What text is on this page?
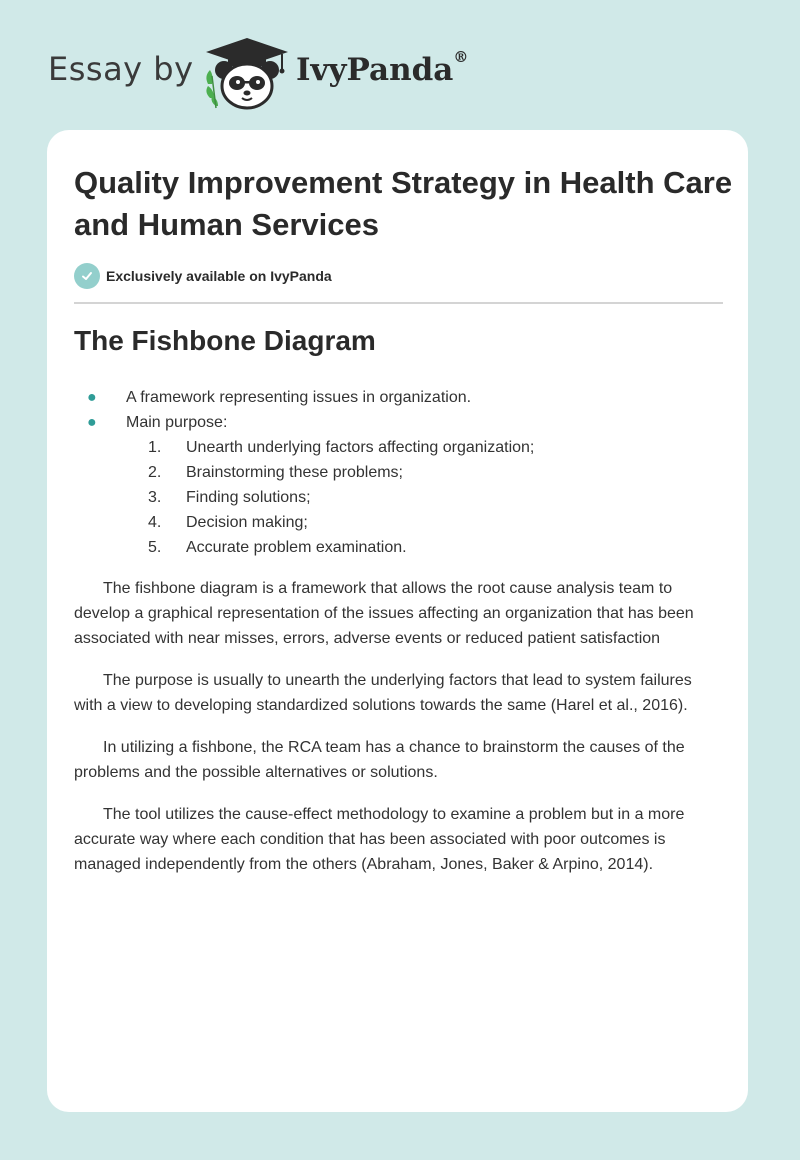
Essay by	IvyPanda®
Quality Improvement Strategy in Health Care and Human Services
Exclusively available on IvyPanda
The Fishbone Diagram
● A framework representing issues in organization.
● Main purpose:
1. Unearth underlying factors affecting organization;
2. Brainstorming these problems;
3. Finding solutions;
4. Decision making;
5. Accurate problem examination.

The fishbone diagram is a framework that allows the root cause analysis team to develop a graphical representation of the issues affecting an organization that has been associated with near misses, errors, adverse events or reduced patient satisfaction

The purpose is usually to unearth the underlying factors that lead to system failures with a view to developing standardized solutions towards the same (Harel et al., 2016).

In utilizing a fishbone, the RCA team has a chance to brainstorm the causes of the problems and the possible alternatives or solutions.

The tool utilizes the cause-effect methodology to examine a problem but in a more accurate way where each condition that has been associated with poor outcomes is managed independently from the others (Abraham, Jones, Baker & Arpino, 2014).
